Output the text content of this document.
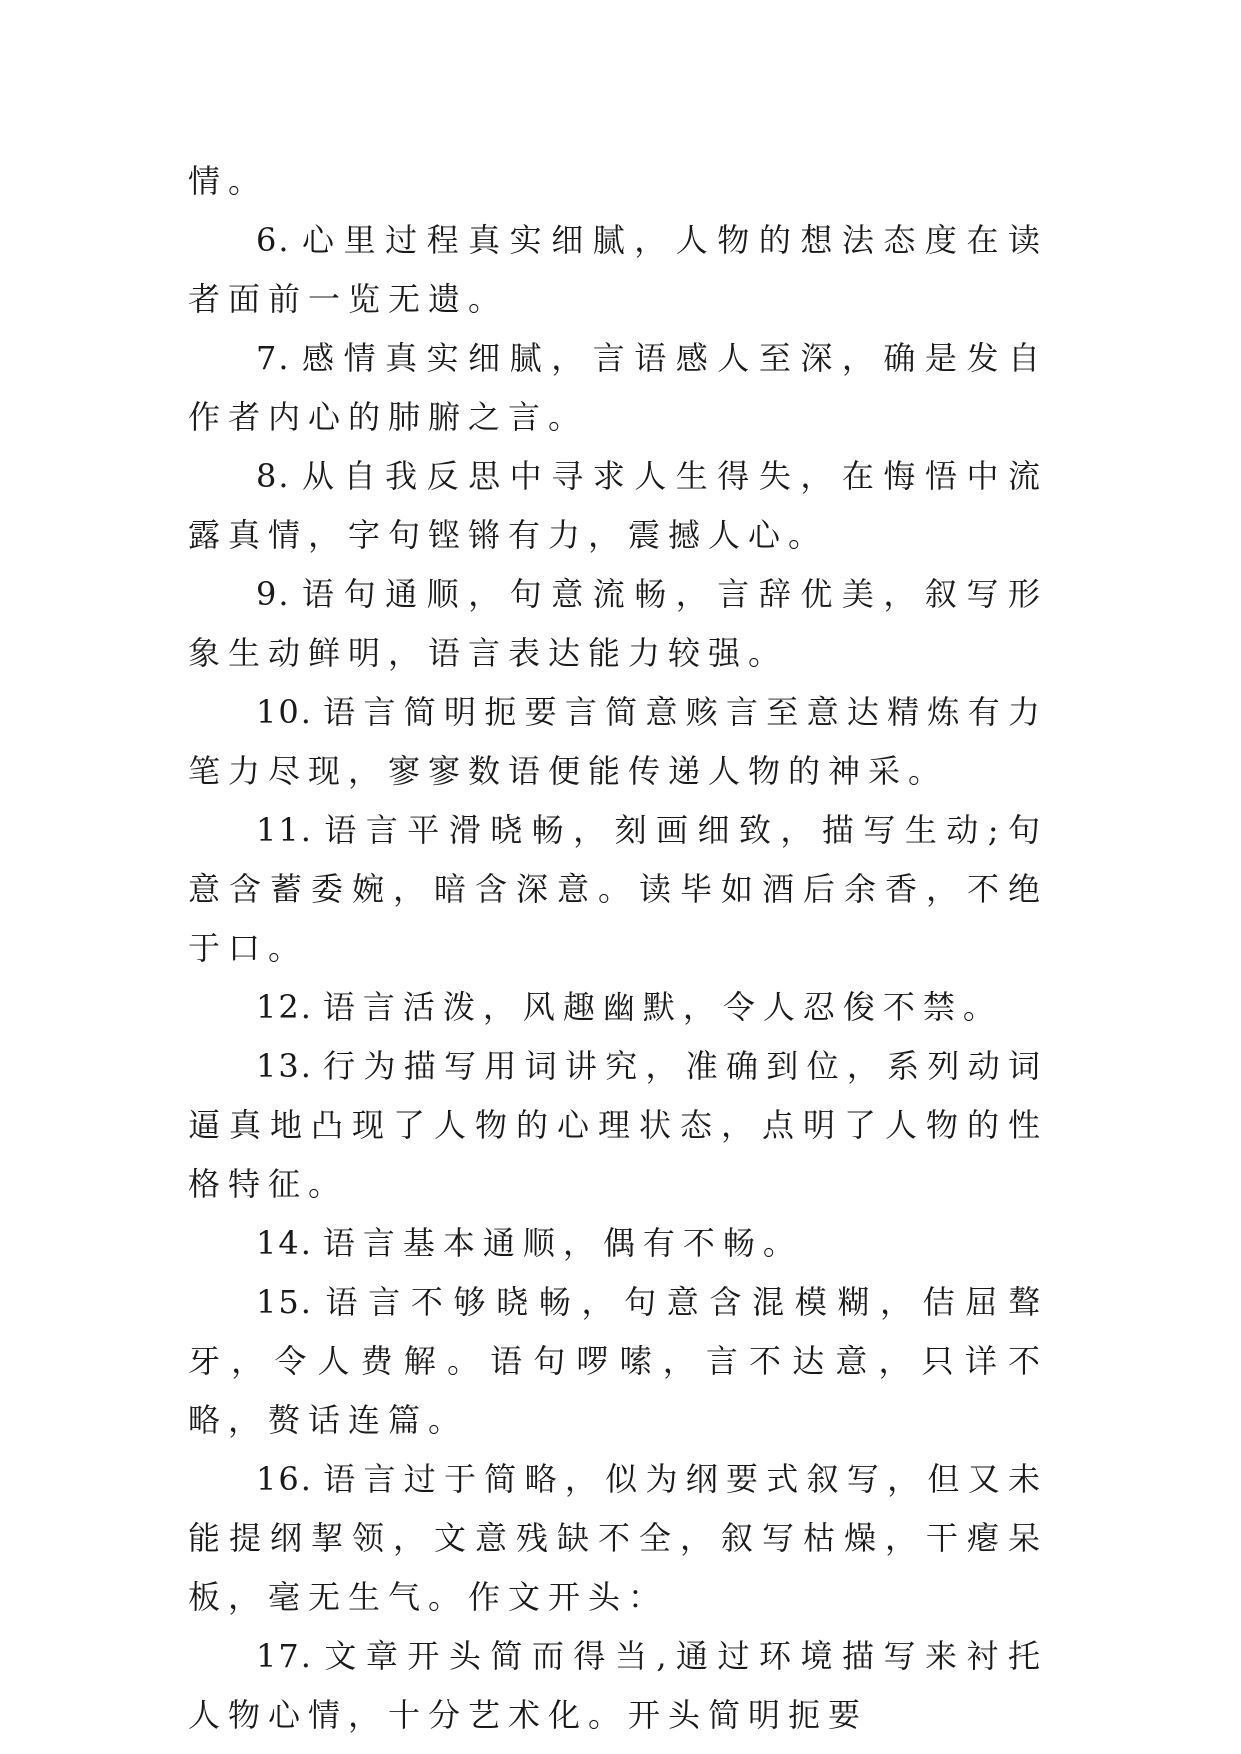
情。

6. 心里过程真实细腻，人物的想法态度在读者面前一览无遗。

7. 感情真实细腻，言语感人至深，确是发自作者内心的肺腑之言。

8. 从自我反思中寻求人生得失，在悔悟中流露真情，字句铿锵有力，震撼人心。

9. 语句通顺，句意流畅，言辞优美，叙写形象生动鲜明，语言表达能力较强。

10. 语言简明扼要言简意赅言至意达精炼有力笔力尽现，寥寥数语便能传递人物的神采。

11. 语言平滑晓畅，刻画细致，描写生动;句意含蓄委婉，暗含深意。读毕如酒后余香，不绝于口。

12. 语言活泼，风趣幽默，令人忍俊不禁。

13. 行为描写用词讲究，准确到位，系列动词逼真地凸现了人物的心理状态，点明了人物的性格特征。

14. 语言基本通顺，偶有不畅。

15. 语言不够晓畅，句意含混模糊，佶屈聱牙，令人费解。语句啰嗦，言不达意，只详不略，赘话连篇。

16. 语言过于简略，似为纲要式叙写，但又未能提纲挈领，文意残缺不全，叙写枯燥，干瘪呆板，毫无生气。作文开头：

17. 文章开头简而得当,通过环境描写来衬托人物心情，十分艺术化。开头简明扼要
